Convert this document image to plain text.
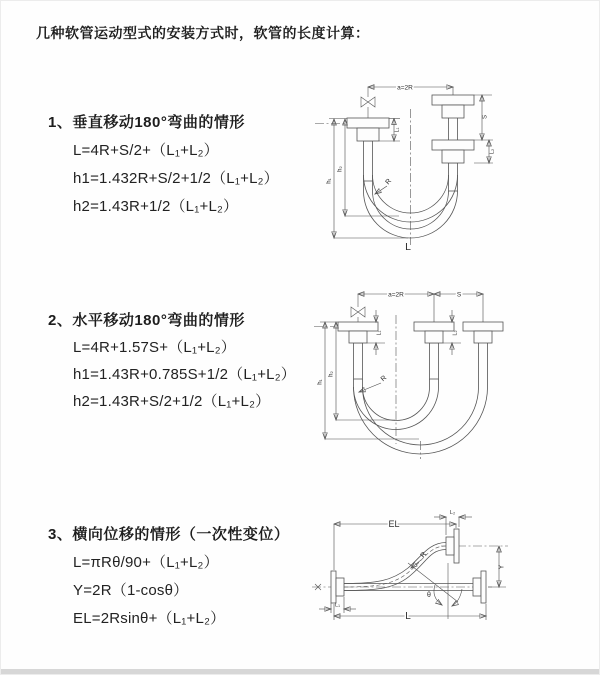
几种软管运动型式的安装方式时，软管的长度计算：
1、垂直移动180°弯曲的情形
L=4R+S/2+（L₁+L₂）
h1=1.432R+S/2+1/2（L₁+L₂）
h2=1.43R+1/2（L₁+L₂）
2、水平移动180°弯曲的情形
L=4R+1.57S+（L₁+L₂）
h1=1.43R+0.785S+1/2（L₁+L₂）
h2=1.43R+S/2+1/2（L₁+L₂）
3、横向位移的情形（一次性变位）
L=πRθ/90+（L₁+L₂）
Y=2R（1-cosθ）
EL=2Rsinθ+（L₁+L₂）
a=2R
h₁
h₂
L₁
S
L₂
R
L
a=2R	S
h₁
h₂
L₁	L₂
R
θ
EL
L₂
Y
L
L₁
R
